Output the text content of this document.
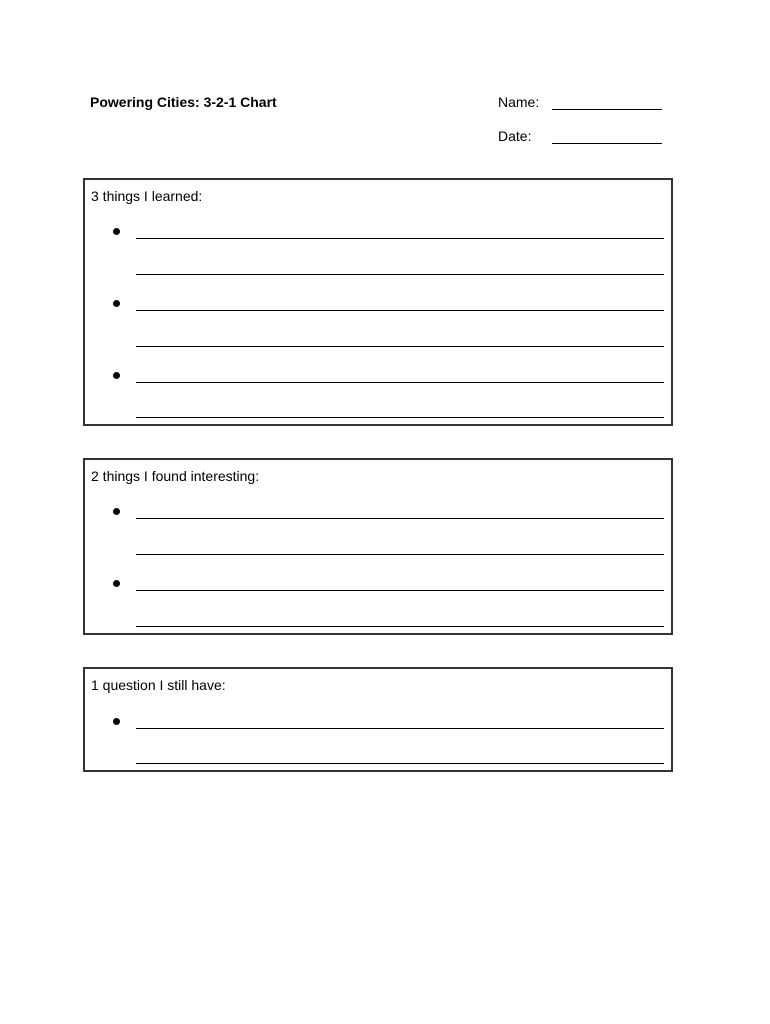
Powering Cities: 3-2-1 Chart	Name:
Date:
3 things I learned:
2 things I found interesting:
1 question I still have:
